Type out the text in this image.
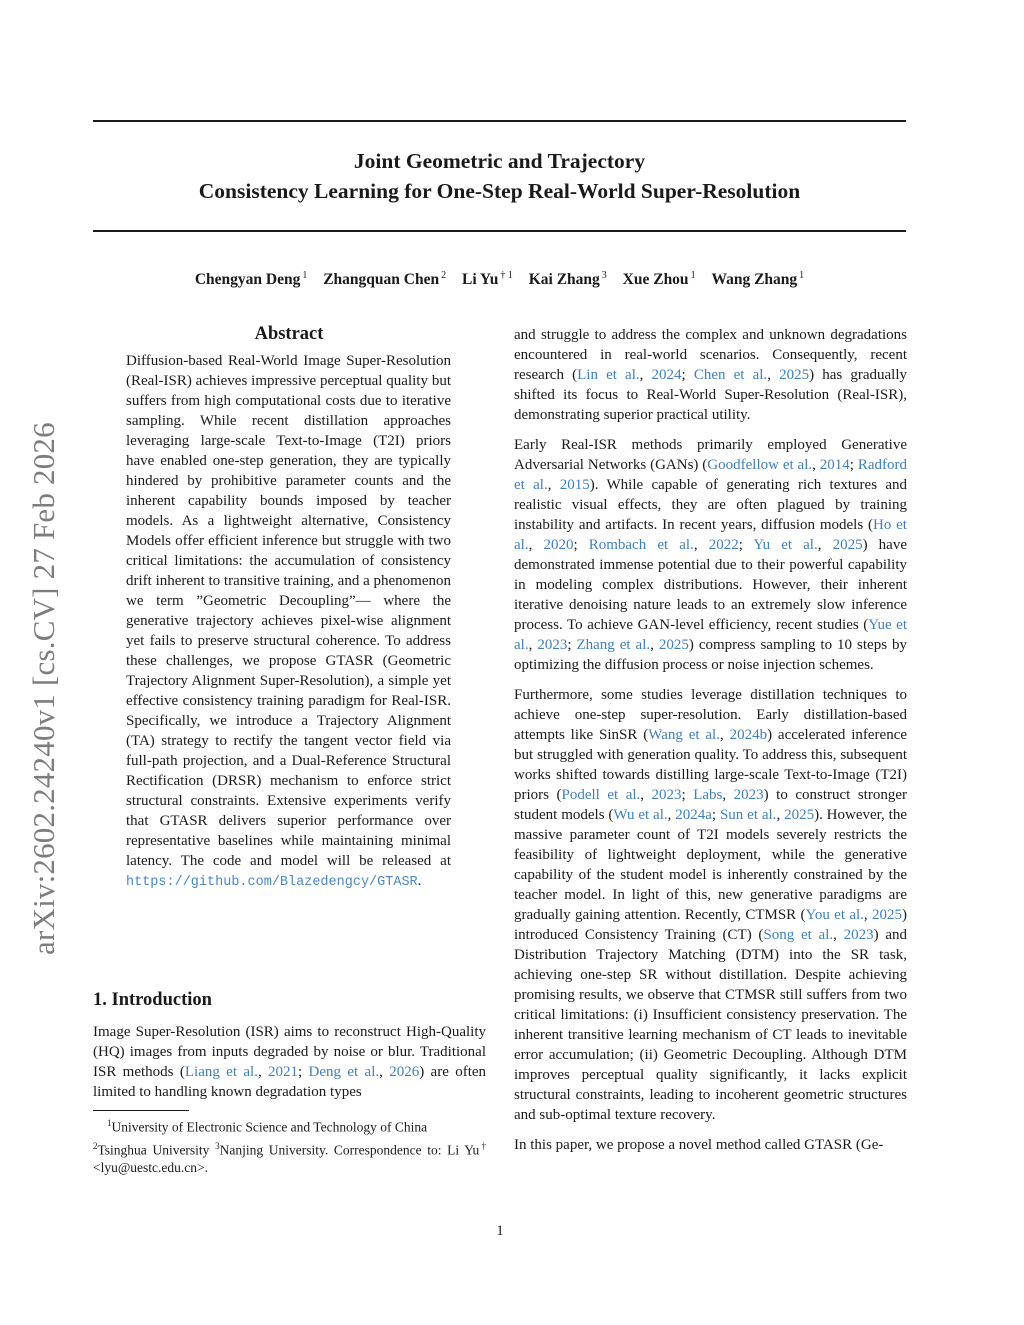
Joint Geometric and Trajectory
Consistency Learning for One-Step Real-World Super-Resolution
Chengyan Deng $^1$ Zhangquan Chen $^2$ Li Yu $^{\dagger 1}$ Kai Zhang $^3$ Xue Zhou $^1$ Wang Zhang $^1$
arXiv:2602.24240v1 [cs.CV] 27 Feb 2026
Abstract
Diffusion-based Real-World Image Super-Resolution (Real-ISR) achieves impressive perceptual quality but suffers from high computational costs due to iterative sampling. While recent distillation approaches leveraging large-scale Text-to-Image (T2I) priors have enabled one-step generation, they are typically hindered by prohibitive parameter counts and the inherent capability bounds imposed by teacher models. As a lightweight alternative, Consistency Models offer efficient inference but struggle with two critical limitations: the accumulation of consistency drift inherent to transitive training, and a phenomenon we term ”Geometric Decoupling”— where the generative trajectory achieves pixel-wise alignment yet fails to preserve structural coherence. To address these challenges, we propose GTASR (Geometric Trajectory Alignment Super-Resolution), a simple yet effective consistency training paradigm for Real-ISR. Specifically, we introduce a Trajectory Alignment (TA) strategy to rectify the tangent vector field via full-path projection, and a Dual-Reference Structural Rectification (DRSR) mechanism to enforce strict structural constraints. Extensive experiments verify that GTASR delivers superior performance over representative baselines while maintaining minimal latency. The code and model will be released at https://github.com/Blazedengcy/GTASR.
1. Introduction
Image Super-Resolution (ISR) aims to reconstruct High-Quality (HQ) images from inputs degraded by noise or blur. Traditional ISR methods (Liang et al., 2021; Deng et al., 2026) are often limited to handling known degradation types
$^1$University of Electronic Science and Technology of China
$^2$Tsinghua University $^3$Nanjing University. Correspondence to: Li Yu† <lyu@uestc.edu.cn>.

and struggle to address the complex and unknown degradations encountered in real-world scenarios. Consequently, recent research (Lin et al., 2024; Chen et al., 2025) has gradually shifted its focus to Real-World Super-Resolution (Real-ISR), demonstrating superior practical utility.

Early Real-ISR methods primarily employed Generative Adversarial Networks (GANs) (Goodfellow et al., 2014; Radford et al., 2015). While capable of generating rich textures and realistic visual effects, they are often plagued by training instability and artifacts. In recent years, diffusion models (Ho et al., 2020; Rombach et al., 2022; Yu et al., 2025) have demonstrated immense potential due to their powerful capability in modeling complex distributions. However, their inherent iterative denoising nature leads to an extremely slow inference process. To achieve GAN-level efficiency, recent studies (Yue et al., 2023; Zhang et al., 2025) compress sampling to 10 steps by optimizing the diffusion process or noise injection schemes.

Furthermore, some studies leverage distillation techniques to achieve one-step super-resolution. Early distillation-based attempts like SinSR (Wang et al., 2024b) accelerated inference but struggled with generation quality. To address this, subsequent works shifted towards distilling large-scale Text-to-Image (T2I) priors (Podell et al., 2023; Labs, 2023) to construct stronger student models (Wu et al., 2024a; Sun et al., 2025). However, the massive parameter count of T2I models severely restricts the feasibility of lightweight deployment, while the generative capability of the student model is inherently constrained by the teacher model. In light of this, new generative paradigms are gradually gaining attention. Recently, CTMSR (You et al., 2025) introduced Consistency Training (CT) (Song et al., 2023) and Distribution Trajectory Matching (DTM) into the SR task, achieving one-step SR without distillation. Despite achieving promising results, we observe that CTMSR still suffers from two critical limitations: (i) Insufficient consistency preservation. The inherent transitive learning mechanism of CT leads to inevitable error accumulation; (ii) Geometric Decoupling. Although DTM improves perceptual quality significantly, it lacks explicit structural constraints, leading to incoherent geometric structures and sub-optimal texture recovery.

In this paper, we propose a novel method called GTASR (Ge-

1
